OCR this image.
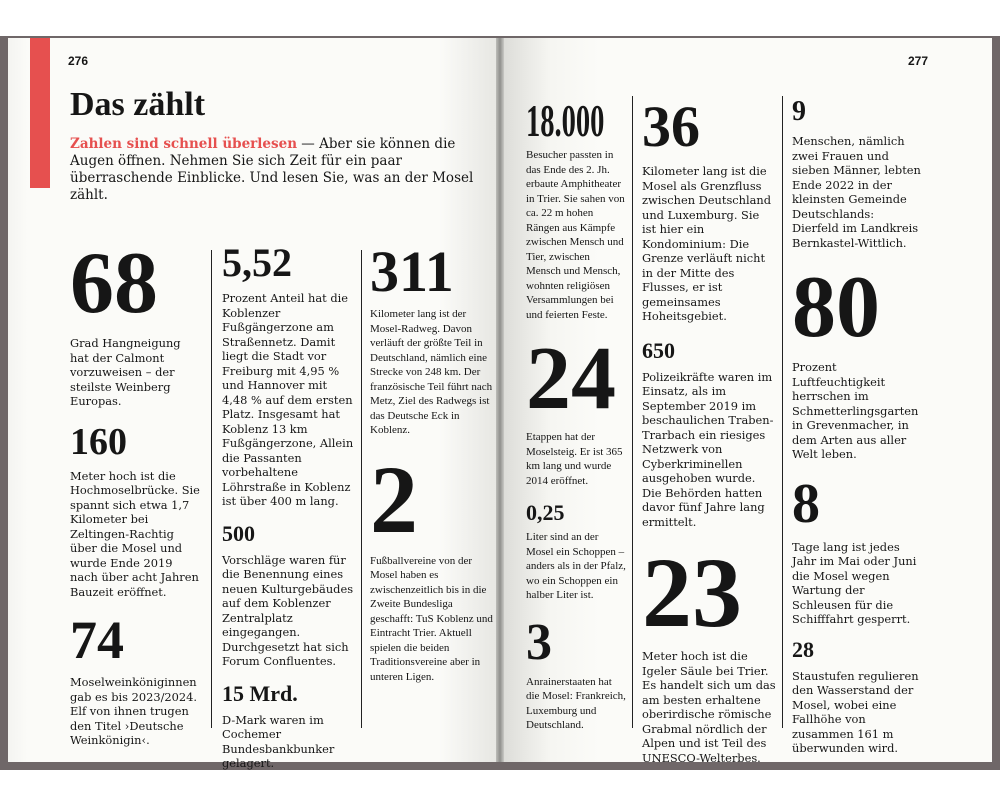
276	277
Das zählt
Zahlen sind schnell überlesen — Aber sie können die Augen öffnen. Nehmen Sie sich Zeit für ein paar überraschende Einblicke. Und lesen Sie, was an der Mosel zählt.
68

Grad Hangneigung hat der Calmont vorzuweisen – der steilste Weinberg Europas.

160

Meter hoch ist die Hochmoselbrücke. Sie spannt sich etwa 1,7 Kilometer bei Zeltingen-Rachtig über die Mosel und wurde Ende 2019 nach über acht Jahren Bauzeit eröffnet.

74

Moselweinköniginnen gab es bis 2023/2024. Elf von ihnen trugen den Titel ›Deutsche Weinkönigin‹.

5,52

Prozent Anteil hat die Koblenzer Fußgängerzone am Straßennetz. Damit liegt die Stadt vor Freiburg mit 4,95 % und Hannover mit 4,48 % auf dem ersten Platz. Insgesamt hat Koblenz 13 km Fußgängerzone, Allein die Passanten vorbehaltene Löhrstraße in Koblenz ist über 400 m lang.

500

Vorschläge waren für die Benennung eines neuen Kulturgebäudes auf dem Koblenzer Zentralplatz eingegangen. Durchgesetzt hat sich Forum Confluentes.

15 Mrd.

D-Mark waren im Cochemer Bundesbankbunker gelagert.

311

Kilometer lang ist der Mosel-Radweg. Davon verläuft der größte Teil in Deutschland, nämlich eine Strecke von 248 km. Der französische Teil führt nach Metz, Ziel des Radwegs ist das Deutsche Eck in Koblenz.

2

Fußballvereine von der Mosel haben es zwischenzeitlich bis in die Zweite Bundesliga geschafft: TuS Koblenz und Eintracht Trier. Aktuell spielen die beiden Traditionsvereine aber in unteren Ligen.

18.000

Besucher passten in das Ende des 2. Jh. erbaute Amphitheater in Trier. Sie sahen von ca. 22 m hohen Rängen aus Kämpfe zwischen Mensch und Tier, zwischen Mensch und Mensch, wohnten religiösen Versammlungen bei und feierten Feste.

24

Etappen hat der Moselsteig. Er ist 365 km lang und wurde 2014 eröffnet.

0,25

Liter sind an der Mosel ein Schoppen – anders als in der Pfalz, wo ein Schoppen ein halber Liter ist.

3

Anrainerstaaten hat die Mosel: Frankreich, Luxemburg und Deutschland.

36

Kilometer lang ist die Mosel als Grenzfluss zwischen Deutschland und Luxemburg. Sie ist hier ein Kondominium: Die Grenze verläuft nicht in der Mitte des Flusses, er ist gemeinsames Hoheitsgebiet.

650

Polizeikräfte waren im Einsatz, als im September 2019 im beschaulichen Traben-Trarbach ein riesiges Netzwerk von Cyberkriminellen ausgehoben wurde. Die Behörden hatten davor fünf Jahre lang ermittelt.

23

Meter hoch ist die Igeler Säule bei Trier. Es handelt sich um das am besten erhaltene oberirdische römische Grabmal nördlich der Alpen und ist Teil des UNESCO-Welterbes.

9

Menschen, nämlich zwei Frauen und sieben Männer, lebten Ende 2022 in der kleinsten Gemeinde Deutschlands: Dierfeld im Landkreis Bernkastel-Wittlich.

80

Prozent Luftfeuchtigkeit herrschen im Schmetterlingsgarten in Grevenmacher, in dem Arten aus aller Welt leben.

8

Tage lang ist jedes Jahr im Mai oder Juni die Mosel wegen Wartung der Schleusen für die Schifffahrt gesperrt.

28

Staustufen regulieren den Wasserstand der Mosel, wobei eine Fallhöhe von zusammen 161 m überwunden wird.
